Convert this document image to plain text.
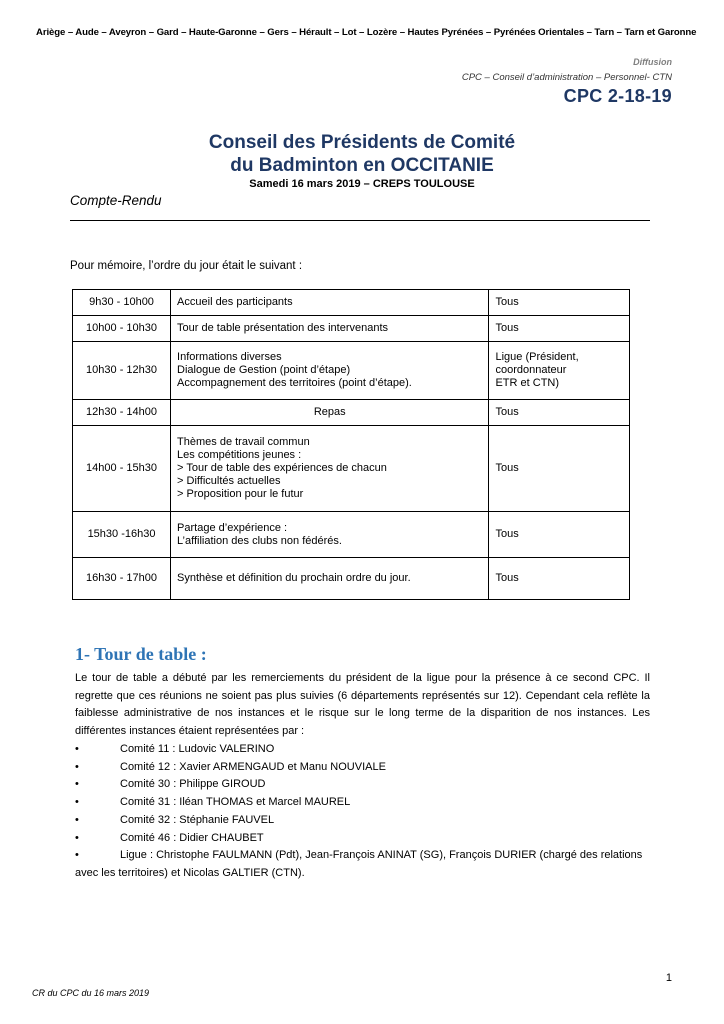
Ariège – Aude – Aveyron – Gard – Haute-Garonne – Gers – Hérault – Lot – Lozère – Hautes Pyrénées – Pyrénées Orientales – Tarn – Tarn et Garonne
Diffusion
CPC – Conseil d’administration – Personnel- CTN
CPC 2-18-19
Conseil des Présidents de Comité
du Badminton en OCCITANIE
Samedi 16 mars 2019 – CREPS TOULOUSE
Compte-Rendu
Pour mémoire, l’ordre du jour était le suivant :
9h30 - 10h00	Accueil des participants	Tous

10h00 - 10h30	Tour de table présentation des intervenants	Tous

10h30 - 12h30	Informations diverses
Dialogue de Gestion (point d’étape)
Accompagnement des territoires (point d’étape).	Ligue (Président,
coordonnateur
ETR et CTN)

12h30 - 14h00	Repas	Tous

14h00 - 15h30	Thèmes de travail commun
Les compétitions jeunes :
> Tour de table des expériences de chacun
> Difficultés actuelles
> Proposition pour le futur	Tous

15h30 -16h30	Partage d’expérience :
L’affiliation des clubs non fédérés.	Tous

16h30 - 17h00	Synthèse et définition du prochain ordre du jour.	Tous
1- Tour de table :
Le tour de table a débuté par les remerciements du président de la ligue pour la présence à ce second CPC. Il regrette que ces réunions ne soient pas plus suivies (6 départements représentés sur 12). Cependant cela reflète la faiblesse administrative de nos instances et le risque sur le long terme de la disparition de nos instances. Les différentes instances étaient représentées par :
•	Comité 11 : Ludovic VALERINO
•	Comité 12 : Xavier ARMENGAUD et Manu NOUVIALE
•	Comité 30 : Philippe GIROUD
•	Comité 31 : Iléan THOMAS et Marcel MAUREL
•	Comité 32 : Stéphanie FAUVEL
•	Comité 46 : Didier CHAUBET
•	Ligue : Christophe FAULMANN (Pdt), Jean-François ANINAT (SG), François DURIER (chargé des relations avec les territoires) et Nicolas GALTIER (CTN).
1
CR du CPC du 16 mars 2019
